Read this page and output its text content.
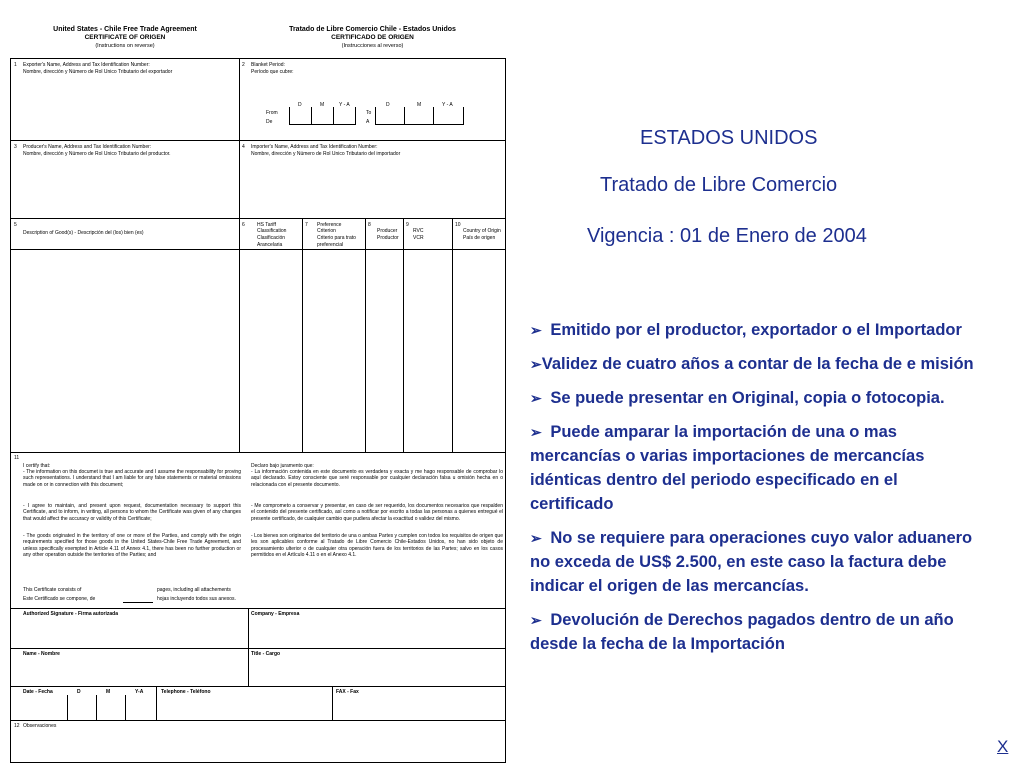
United States - Chile Free Trade Agreement
CERTIFICATE OF ORIGEN
(Instructions on reverse)
Tratado de Libre Comercio Chile - Estados Unidos
CERTIFICADO DE ORIGEN
(Instrucciones al reverso)
1 Exporter's Name, Address and Tax Identification Number:
Nombre, dirección y Número de Rol Unico Tributario del exportador
2 Blanket Period:
Período que cubre:
D	M	Y - A	D	M	Y - A
From
De
To
A
3 Producer's Name, Address and Tax Identification Number:
Nombre, dirección y Número de Rol Unico Tributario del productor.
4 Importer's Name, Address and Tax Identification Number:
Nombre, dirección y Número de Rol Unico Tributario del importador
5
Description of Good(s) - Descripción del (los) bien (es)
6 HS Tariff
Classification
Clasificación
Arancelaria
7 Preference
Criterion
Criterio para trato
preferencial
8
Producer
Productor
9
RVC
VCR
10
Country of Origin
País de origen
11
I certify that:
- The information on this documet is true and accurate and I assume the responsability for proving such representations. I understand that I am liable for any false statements or material omissions made on or in connection with this document;
- I agree to maintain, and present upon request, documentation necessary to support this Certificate, and to inform, in writing, all persons to whom the Certificate was given of any changes that would affect the accuracy or validity of this Certificate;
- The goods originated in the territory of one or more of the Parties, and comply with the origin requirements specified for those goods in the United States-Chile Free Trade Agreement, and unless specifically exempted in Article 4.11 of Annex 4.1, there has been no further production or any other operation outside the territories of the Parties; and
Declaro bajo juramento que:
- La información contenida en este documento es verdadera y exacta y me hago responsable de comprobar lo aquí declarado. Estoy consciente que seré responsable por cualquier declaración falsa u omisión hecha en o relacionada con el presente documento.
- Me comprometo a conservar y presentar, en caso de ser requerido, los documentos necesarios que respalden el contenido del presente certificado, así como a notificar por escrito a todas las personas a quienes entregué el presente certificado, de cualquier cambio que pudiera afectar la exactitud o validez del mismo.
- Los bienes son originarios del territorio de una o ambas Partes y cumplen con todos los requisitos de origen que les son aplicables conforme al Tratado de Libre Comercio Chile-Estados Unidos, no han sido objeto de procesamiento ulterior o de cualquier otra operación fuera de los territorios de las Partes; salvo en los casos permitidos en el Artículo 4.11 o en el Anexo 4.1.
This Certificate consists of
Este Certificado se compone, de
pages, including all attachements
hojas incluyendo todos sus anexos.
Authorized Signature - Firma autorizada	Company - Empresa
Name - Nombre	Title - Cargo
Date - Fecha	D	M	Y-A	Telephone - Teléfono	FAX - Fax
12 Observaciones
ESTADOS UNIDOS
Tratado de Libre Comercio
Vigencia : 01 de Enero de 2004

➢ Emitido por el productor, exportador o el Importador

➢Validez de cuatro años a contar de la fecha de e misión

➢ Se puede presentar en Original, copia o fotocopia.

➢ Puede amparar la importación de una o mas mercancías o varias importaciones de mercancías idénticas dentro del periodo especificado en el certificado

➢ No se requiere para operaciones cuyo valor aduanero no exceda de US$ 2.500, en este caso la factura debe indicar el origen de las mercancías.

➢ Devolución de Derechos pagados dentro de un año desde la fecha de la Importación

X
